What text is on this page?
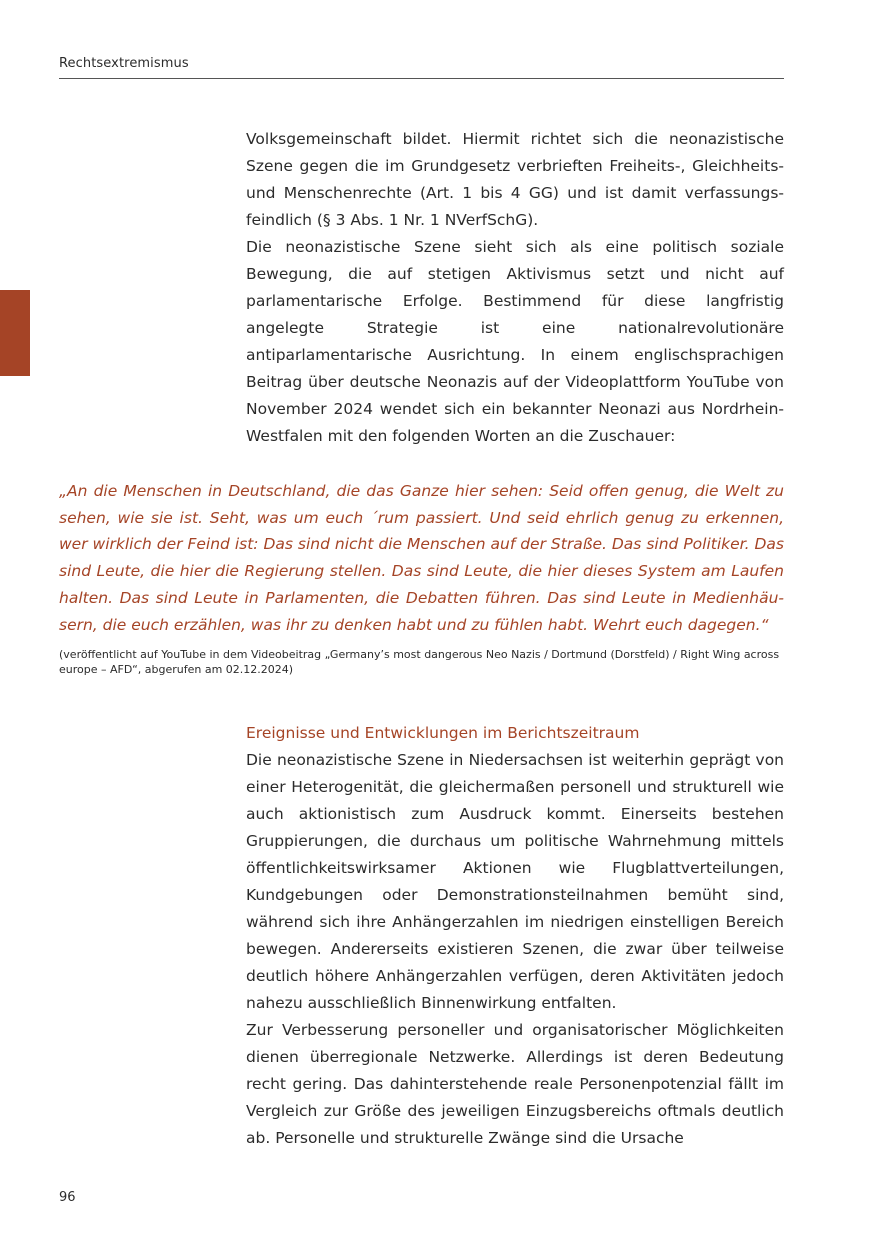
Rechtsextremismus

Volksgemeinschaft bildet. Hiermit richtet sich die neonazistische Szene gegen die im Grundgesetz verbrieften Freiheits-, Gleichheits- und Menschenrechte (Art. 1 bis 4 GG) und ist damit verfassungsfeindlich (§ 3 Abs. 1 Nr. 1 NVerfSchG).

Die neonazistische Szene sieht sich als eine politisch soziale Bewegung, die auf stetigen Aktivismus setzt und nicht auf parlamentarische Erfolge. Bestimmend für diese langfristig angelegte Strategie ist eine nationalrevolutionäre antiparlamentarische Ausrichtung. In einem englischsprachigen Beitrag über deutsche Neonazis auf der Videoplattform YouTube von November 2024 wendet sich ein bekannter Neonazi aus Nordrhein-Westfalen mit den folgenden Worten an die Zuschauer:

„An die Menschen in Deutschland, die das Ganze hier sehen: Seid offen genug, die Welt zu sehen, wie sie ist. Seht, was um euch ´rum passiert. Und seid ehrlich genug zu erkennen, wer wirklich der Feind ist: Das sind nicht die Menschen auf der Straße. Das sind Politiker. Das sind Leute, die hier die Regierung stellen. Das sind Leute, die hier dieses System am Laufen halten. Das sind Leute in Parlamenten, die Debatten führen. Das sind Leute in Medienhäusern, die euch erzählen, was ihr zu denken habt und zu fühlen habt. Wehrt euch dagegen.“

(veröffentlicht auf YouTube in dem Videobeitrag „Germany’s most dangerous Neo Nazis / Dortmund (Dorstfeld) / Right Wing across europe – AFD“, abgerufen am 02.12.2024)

Ereignisse und Entwicklungen im Berichtszeitraum

Die neonazistische Szene in Niedersachsen ist weiterhin geprägt von einer Heterogenität, die gleichermaßen personell und strukturell wie auch aktionistisch zum Ausdruck kommt. Einerseits bestehen Gruppierungen, die durchaus um politische Wahrnehmung mittels öffentlichkeitswirksamer Aktionen wie Flugblattverteilungen, Kundgebungen oder Demonstrationsteilnahmen bemüht sind, während sich ihre Anhängerzahlen im niedrigen einstelligen Bereich bewegen. Andererseits existieren Szenen, die zwar über teilweise deutlich höhere Anhängerzahlen verfügen, deren Aktivitäten jedoch nahezu ausschließlich Binnenwirkung entfalten.

Zur Verbesserung personeller und organisatorischer Möglichkeiten dienen überregionale Netzwerke. Allerdings ist deren Bedeutung recht gering. Das dahinterstehende reale Personenpotenzial fällt im Vergleich zur Größe des jeweiligen Einzugsbereichs oftmals deutlich ab. Personelle und strukturelle Zwänge sind die Ursache

96
